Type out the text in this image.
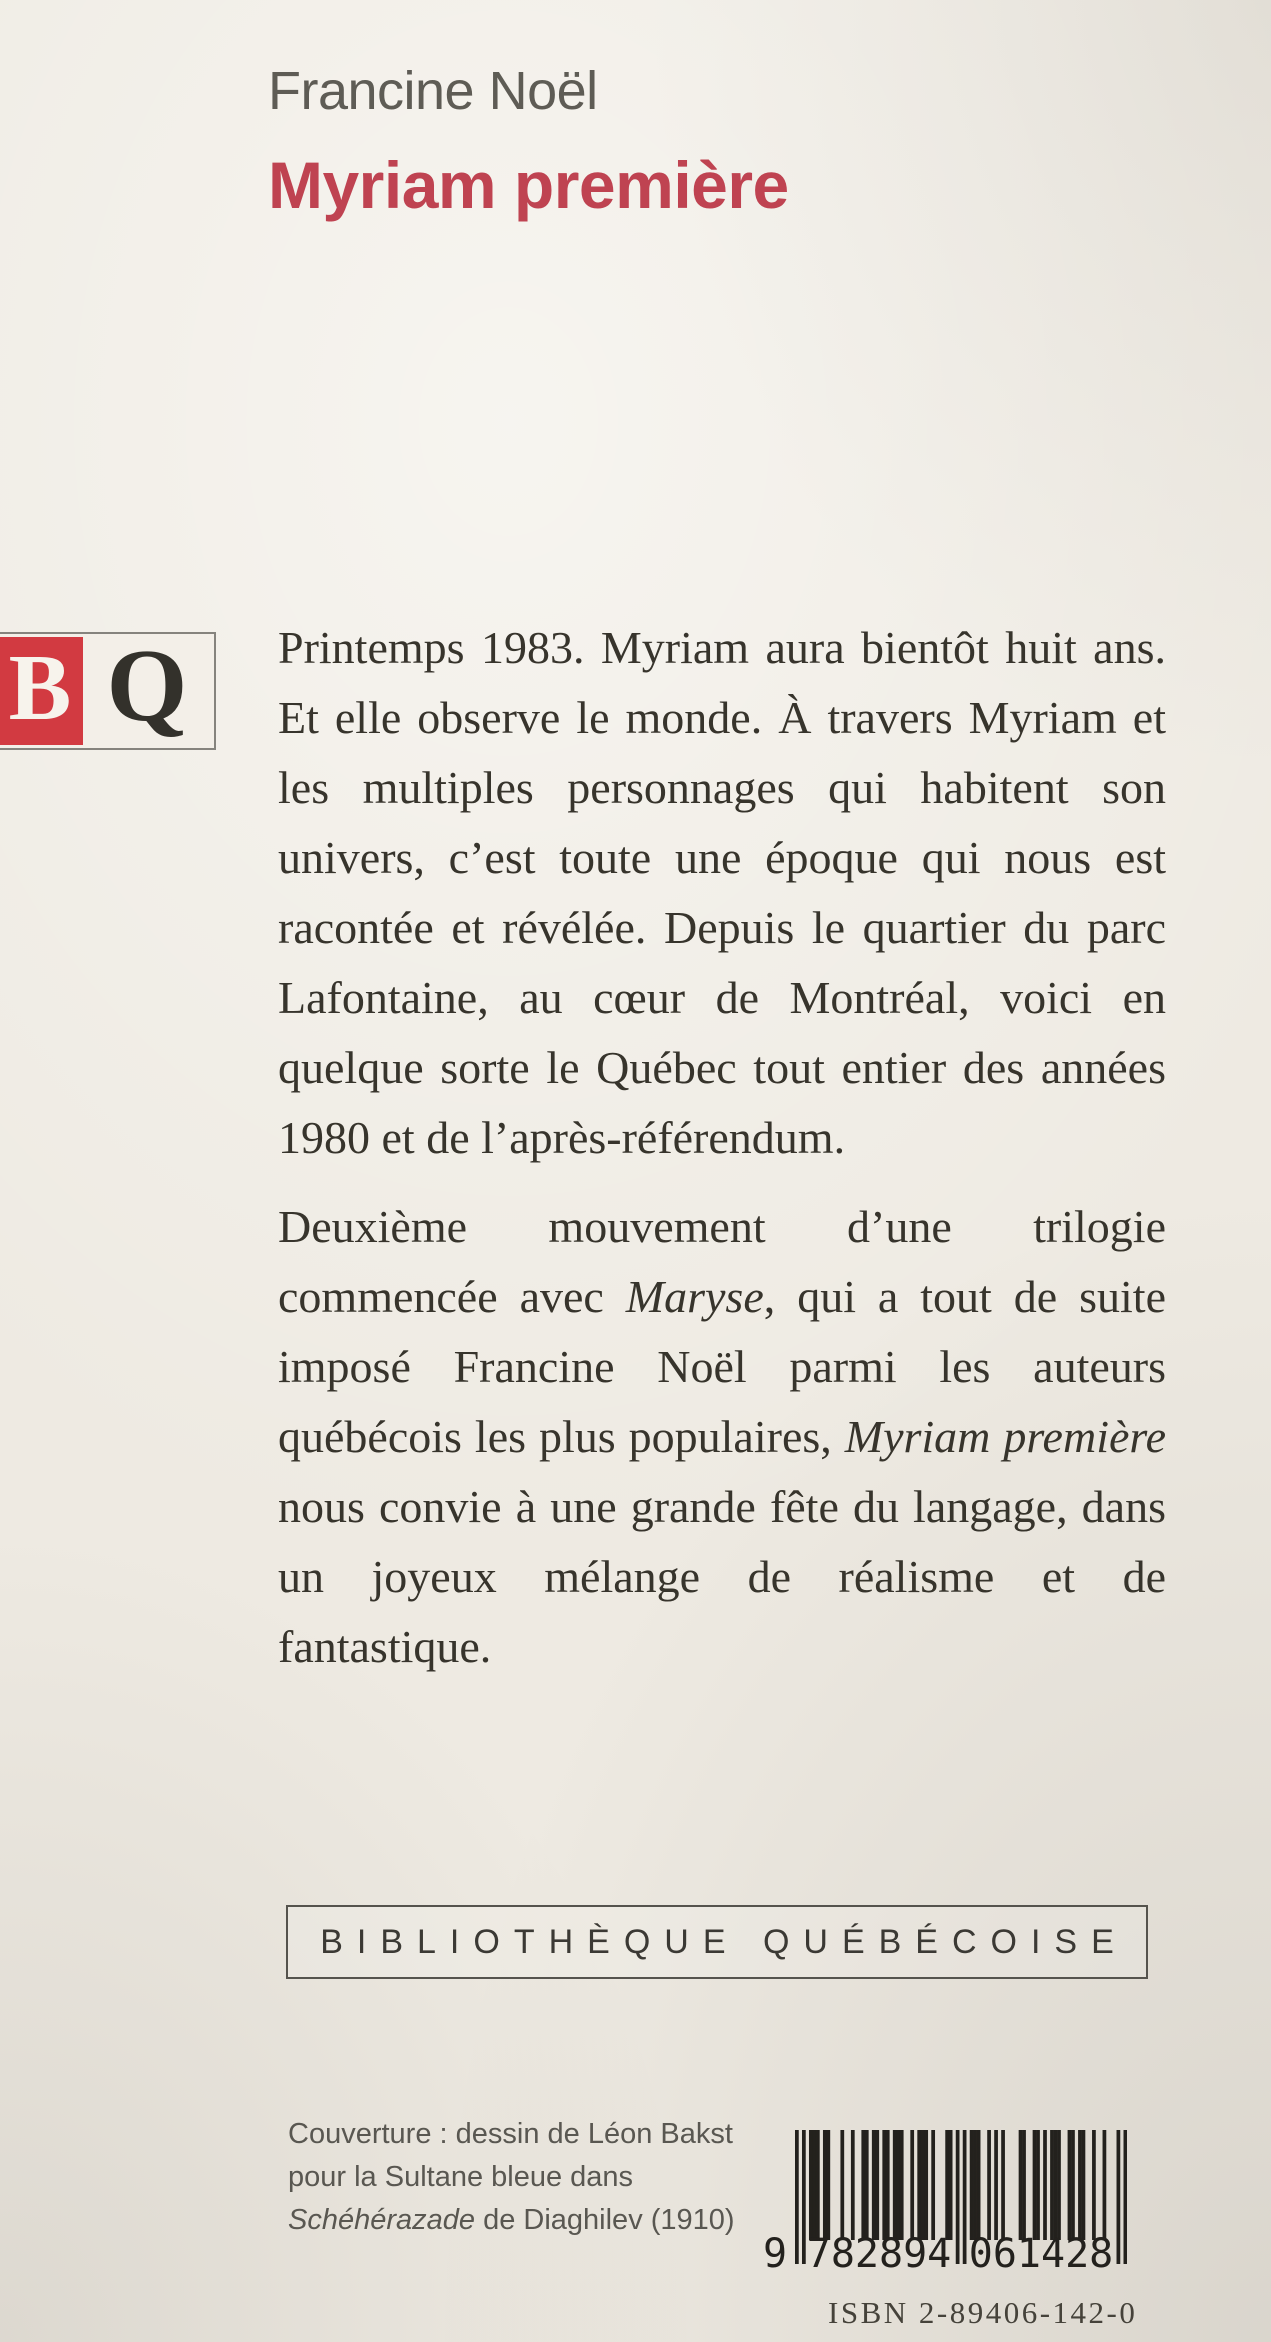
Francine Noël
Myriam première
B Q	Printemps 1983. Myriam aura bientôt huit ans. Et elle observe le monde. À travers Myriam et les multiples personnages qui habitent son univers, c’est toute une époque qui nous est racontée et révélée. Depuis le quartier du parc Lafontaine, au cœur de Montréal, voici en quelque sorte le Québec tout entier des années 1980 et de l’après-référendum.

Deuxième mouvement d’une trilogie commencée avec Maryse, qui a tout de suite imposé Francine Noël parmi les auteurs québécois les plus populaires, Myriam première nous convie à une grande fête du langage, dans un joyeux mélange de réalisme et de fantastique.

BIBLIOTHÈQUE QUÉBÉCOISE
Couverture : dessin de Léon Bakst
pour la Sultane bleue dans
Schéhérazade de Diaghilev (1910)
9 782894 061428
ISBN 2-89406-142-0
